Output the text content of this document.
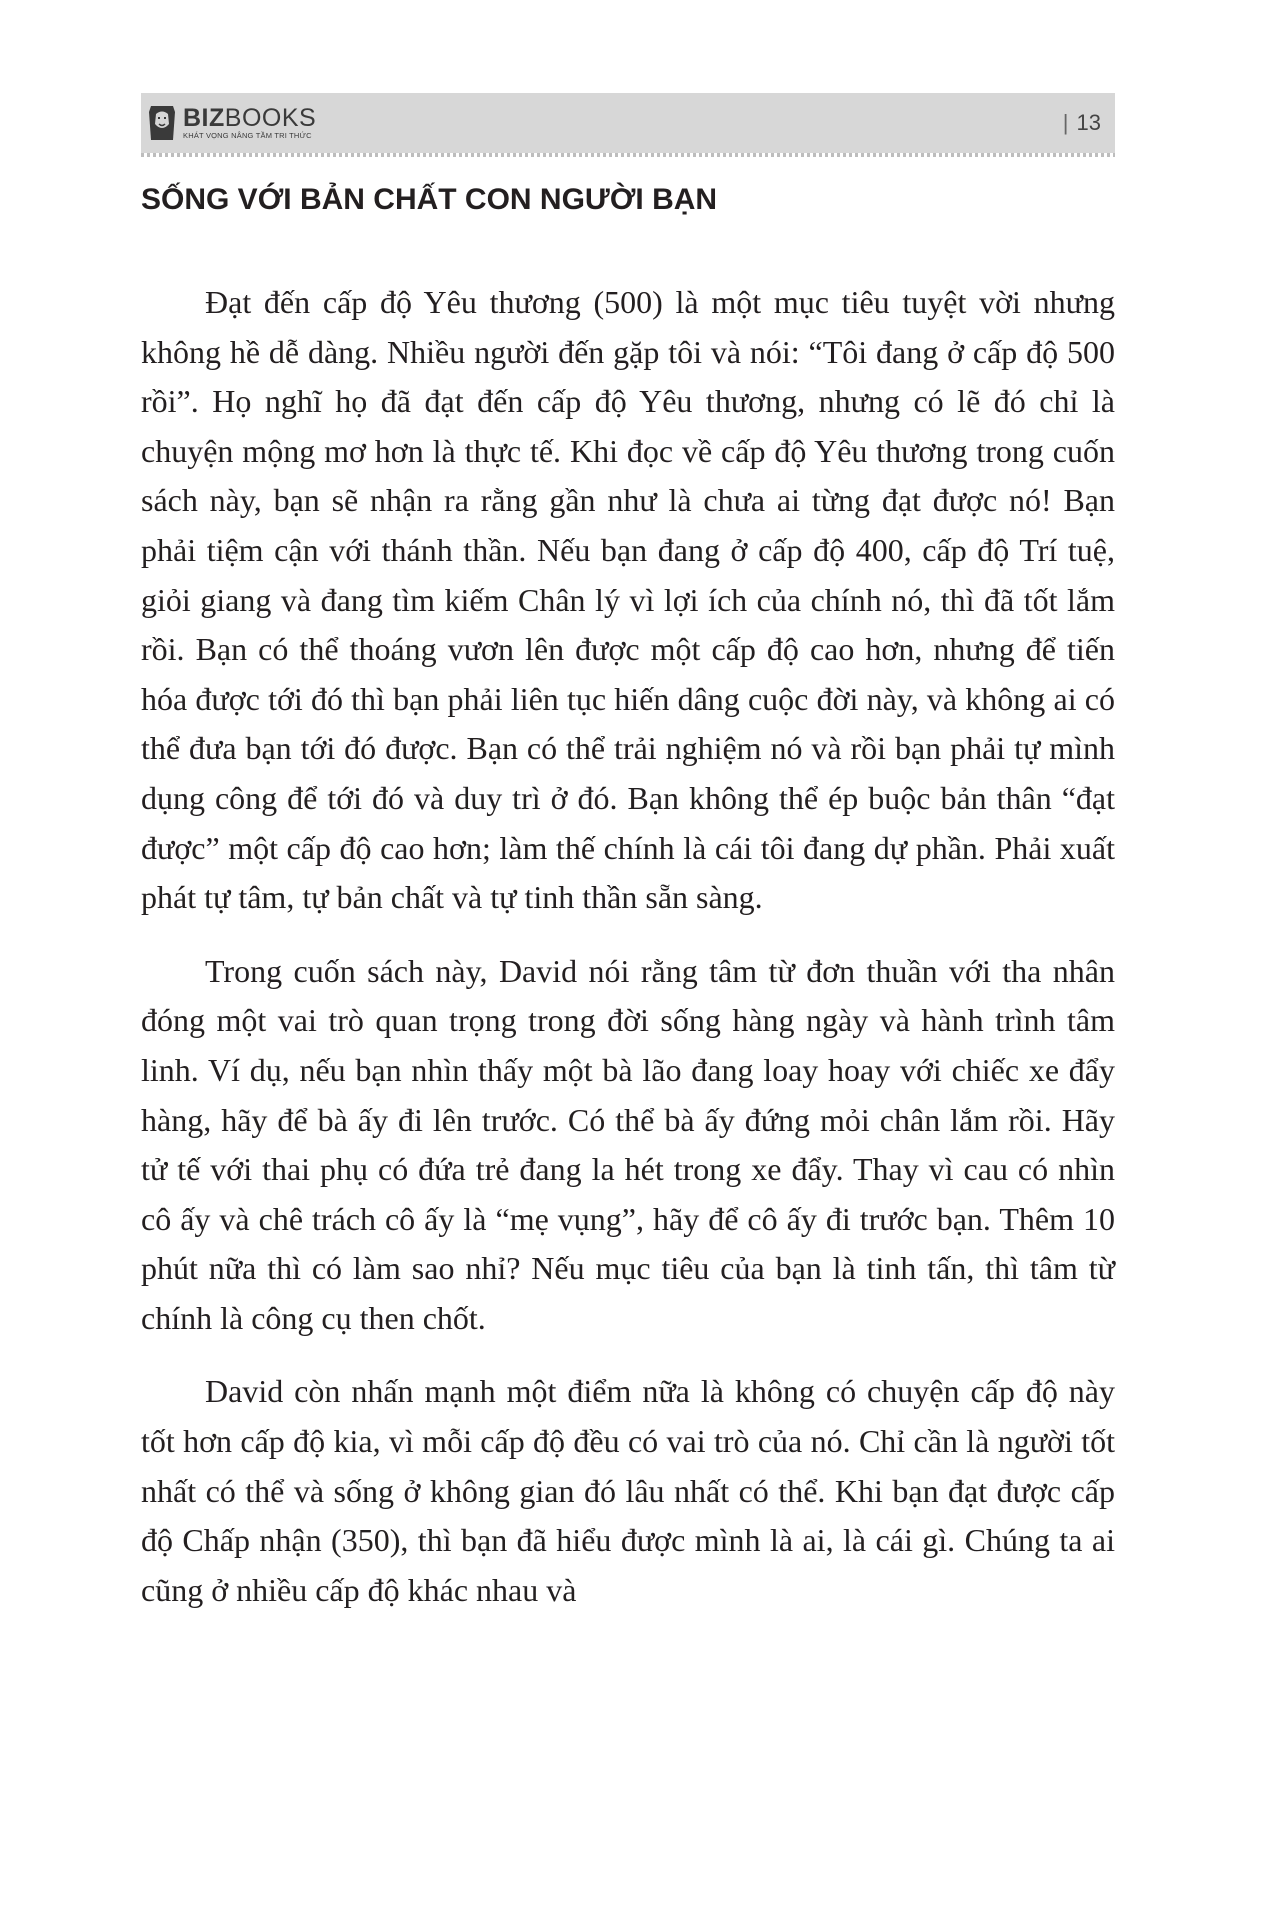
BIZBOOKS
KHÁT VỌNG NÂNG TẦM TRI THỨC
| 13
SỐNG VỚI BẢN CHẤT CON NGƯỜI BẠN

Đạt đến cấp độ Yêu thương (500) là một mục tiêu tuyệt vời nhưng không hề dễ dàng. Nhiều người đến gặp tôi và nói: “Tôi đang ở cấp độ 500 rồi”. Họ nghĩ họ đã đạt đến cấp độ Yêu thương, nhưng có lẽ đó chỉ là chuyện mộng mơ hơn là thực tế. Khi đọc về cấp độ Yêu thương trong cuốn sách này, bạn sẽ nhận ra rằng gần như là chưa ai từng đạt được nó! Bạn phải tiệm cận với thánh thần. Nếu bạn đang ở cấp độ 400, cấp độ Trí tuệ, giỏi giang và đang tìm kiếm Chân lý vì lợi ích của chính nó, thì đã tốt lắm rồi. Bạn có thể thoáng vươn lên được một cấp độ cao hơn, nhưng để tiến hóa được tới đó thì bạn phải liên tục hiến dâng cuộc đời này, và không ai có thể đưa bạn tới đó được. Bạn có thể trải nghiệm nó và rồi bạn phải tự mình dụng công để tới đó và duy trì ở đó. Bạn không thể ép buộc bản thân “đạt được” một cấp độ cao hơn; làm thế chính là cái tôi đang dự phần. Phải xuất phát tự tâm, tự bản chất và tự tinh thần sẵn sàng.

Trong cuốn sách này, David nói rằng tâm từ đơn thuần với tha nhân đóng một vai trò quan trọng trong đời sống hàng ngày và hành trình tâm linh. Ví dụ, nếu bạn nhìn thấy một bà lão đang loay hoay với chiếc xe đẩy hàng, hãy để bà ấy đi lên trước. Có thể bà ấy đứng mỏi chân lắm rồi. Hãy tử tế với thai phụ có đứa trẻ đang la hét trong xe đẩy. Thay vì cau có nhìn cô ấy và chê trách cô ấy là “mẹ vụng”, hãy để cô ấy đi trước bạn. Thêm 10 phút nữa thì có làm sao nhỉ? Nếu mục tiêu của bạn là tinh tấn, thì tâm từ chính là công cụ then chốt.

David còn nhấn mạnh một điểm nữa là không có chuyện cấp độ này tốt hơn cấp độ kia, vì mỗi cấp độ đều có vai trò của nó. Chỉ cần là người tốt nhất có thể và sống ở không gian đó lâu nhất có thể. Khi bạn đạt được cấp độ Chấp nhận (350), thì bạn đã hiểu được mình là ai, là cái gì. Chúng ta ai cũng ở nhiều cấp độ khác nhau và
